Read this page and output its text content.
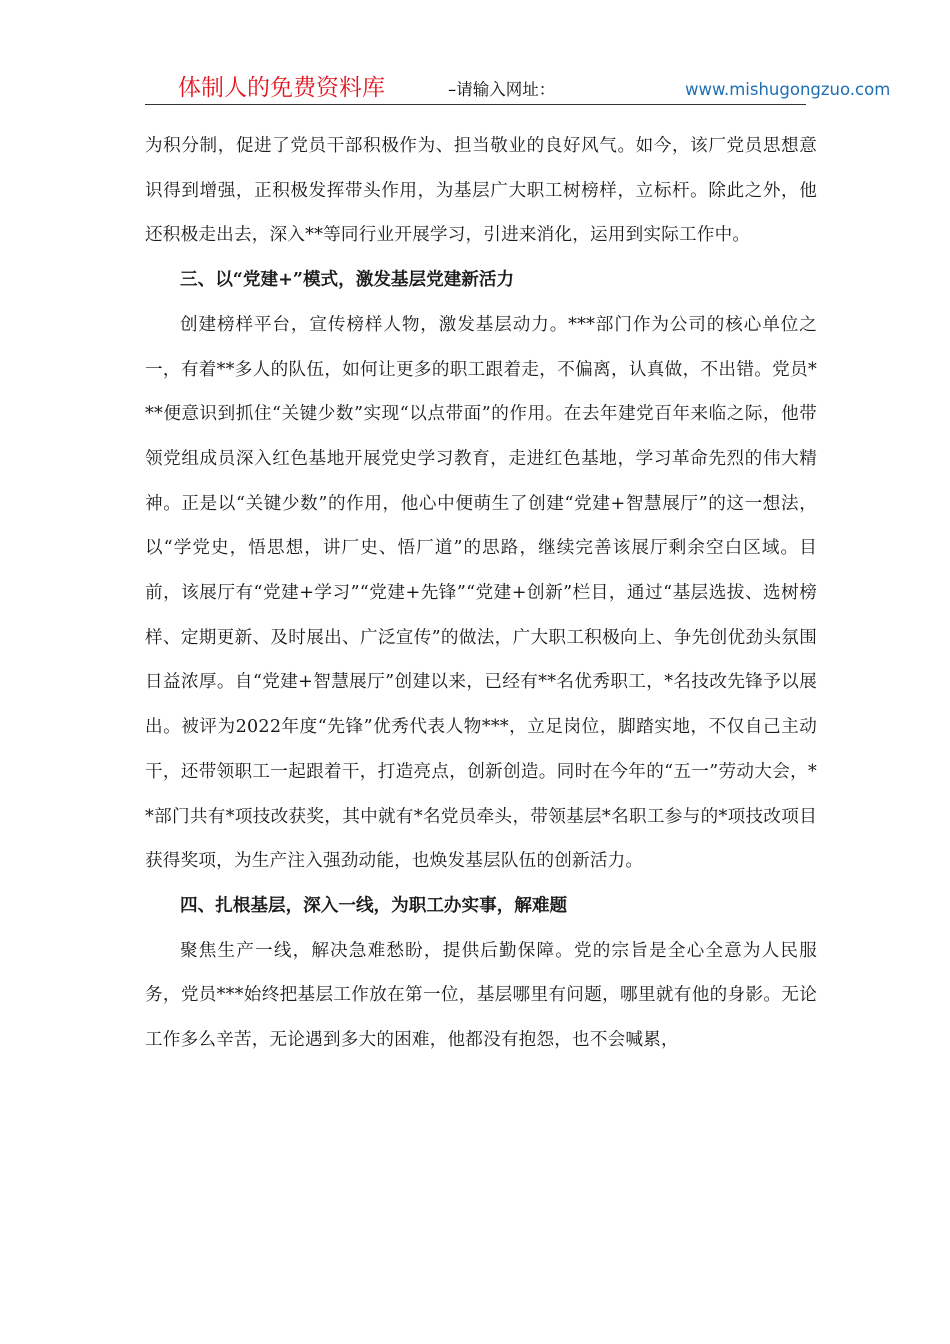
体制人的免费资料库	–请输入网址：	www.mishugongzuo.com

为积分制，促进了党员干部积极作为、担当敬业的良好风气。如今，该厂党员思想意识得到增强，正积极发挥带头作用，为基层广大职工树榜样，立标杆。除此之外，他还积极走出去，深入**等同行业开展学习，引进来消化，运用到实际工作中。

三、以“党建+”模式，激发基层党建新活力

创建榜样平台，宣传榜样人物，激发基层动力。***部门作为公司的核心单位之一，有着**多人的队伍，如何让更多的职工跟着走，不偏离，认真做，不出错。党员***便意识到抓住“关键少数”实现“以点带面”的作用。在去年建党百年来临之际，他带领党组成员深入红色基地开展党史学习教育，走进红色基地，学习革命先烈的伟大精神。正是以“关键少数”的作用，他心中便萌生了创建“党建+智慧展厅”的这一想法，以“学党史，悟思想，讲厂史、悟厂道”的思路，继续完善该展厅剩余空白区域。目前，该展厅有“党建+学习”“党建+先锋”“党建+创新”栏目，通过“基层选拔、选树榜样、定期更新、及时展出、广泛宣传”的做法，广大职工积极向上、争先创优劲头氛围日益浓厚。自“党建+智慧展厅”创建以来，已经有**名优秀职工，*名技改先锋予以展出。被评为2022年度“先锋”优秀代表人物***，立足岗位，脚踏实地，不仅自己主动干，还带领职工一起跟着干，打造亮点，创新创造。同时在今年的“五一”劳动大会，**部门共有*项技改获奖，其中就有*名党员牵头，带领基层*名职工参与的*项技改项目获得奖项，为生产注入强劲动能，也焕发基层队伍的创新活力。

四、扎根基层，深入一线，为职工办实事，解难题

聚焦生产一线，解决急难愁盼，提供后勤保障。党的宗旨是全心全意为人民服务，党员***始终把基层工作放在第一位，基层哪里有问题，哪里就有他的身影。无论工作多么辛苦，无论遇到多大的困难，他都没有抱怨，也不会喊累，
